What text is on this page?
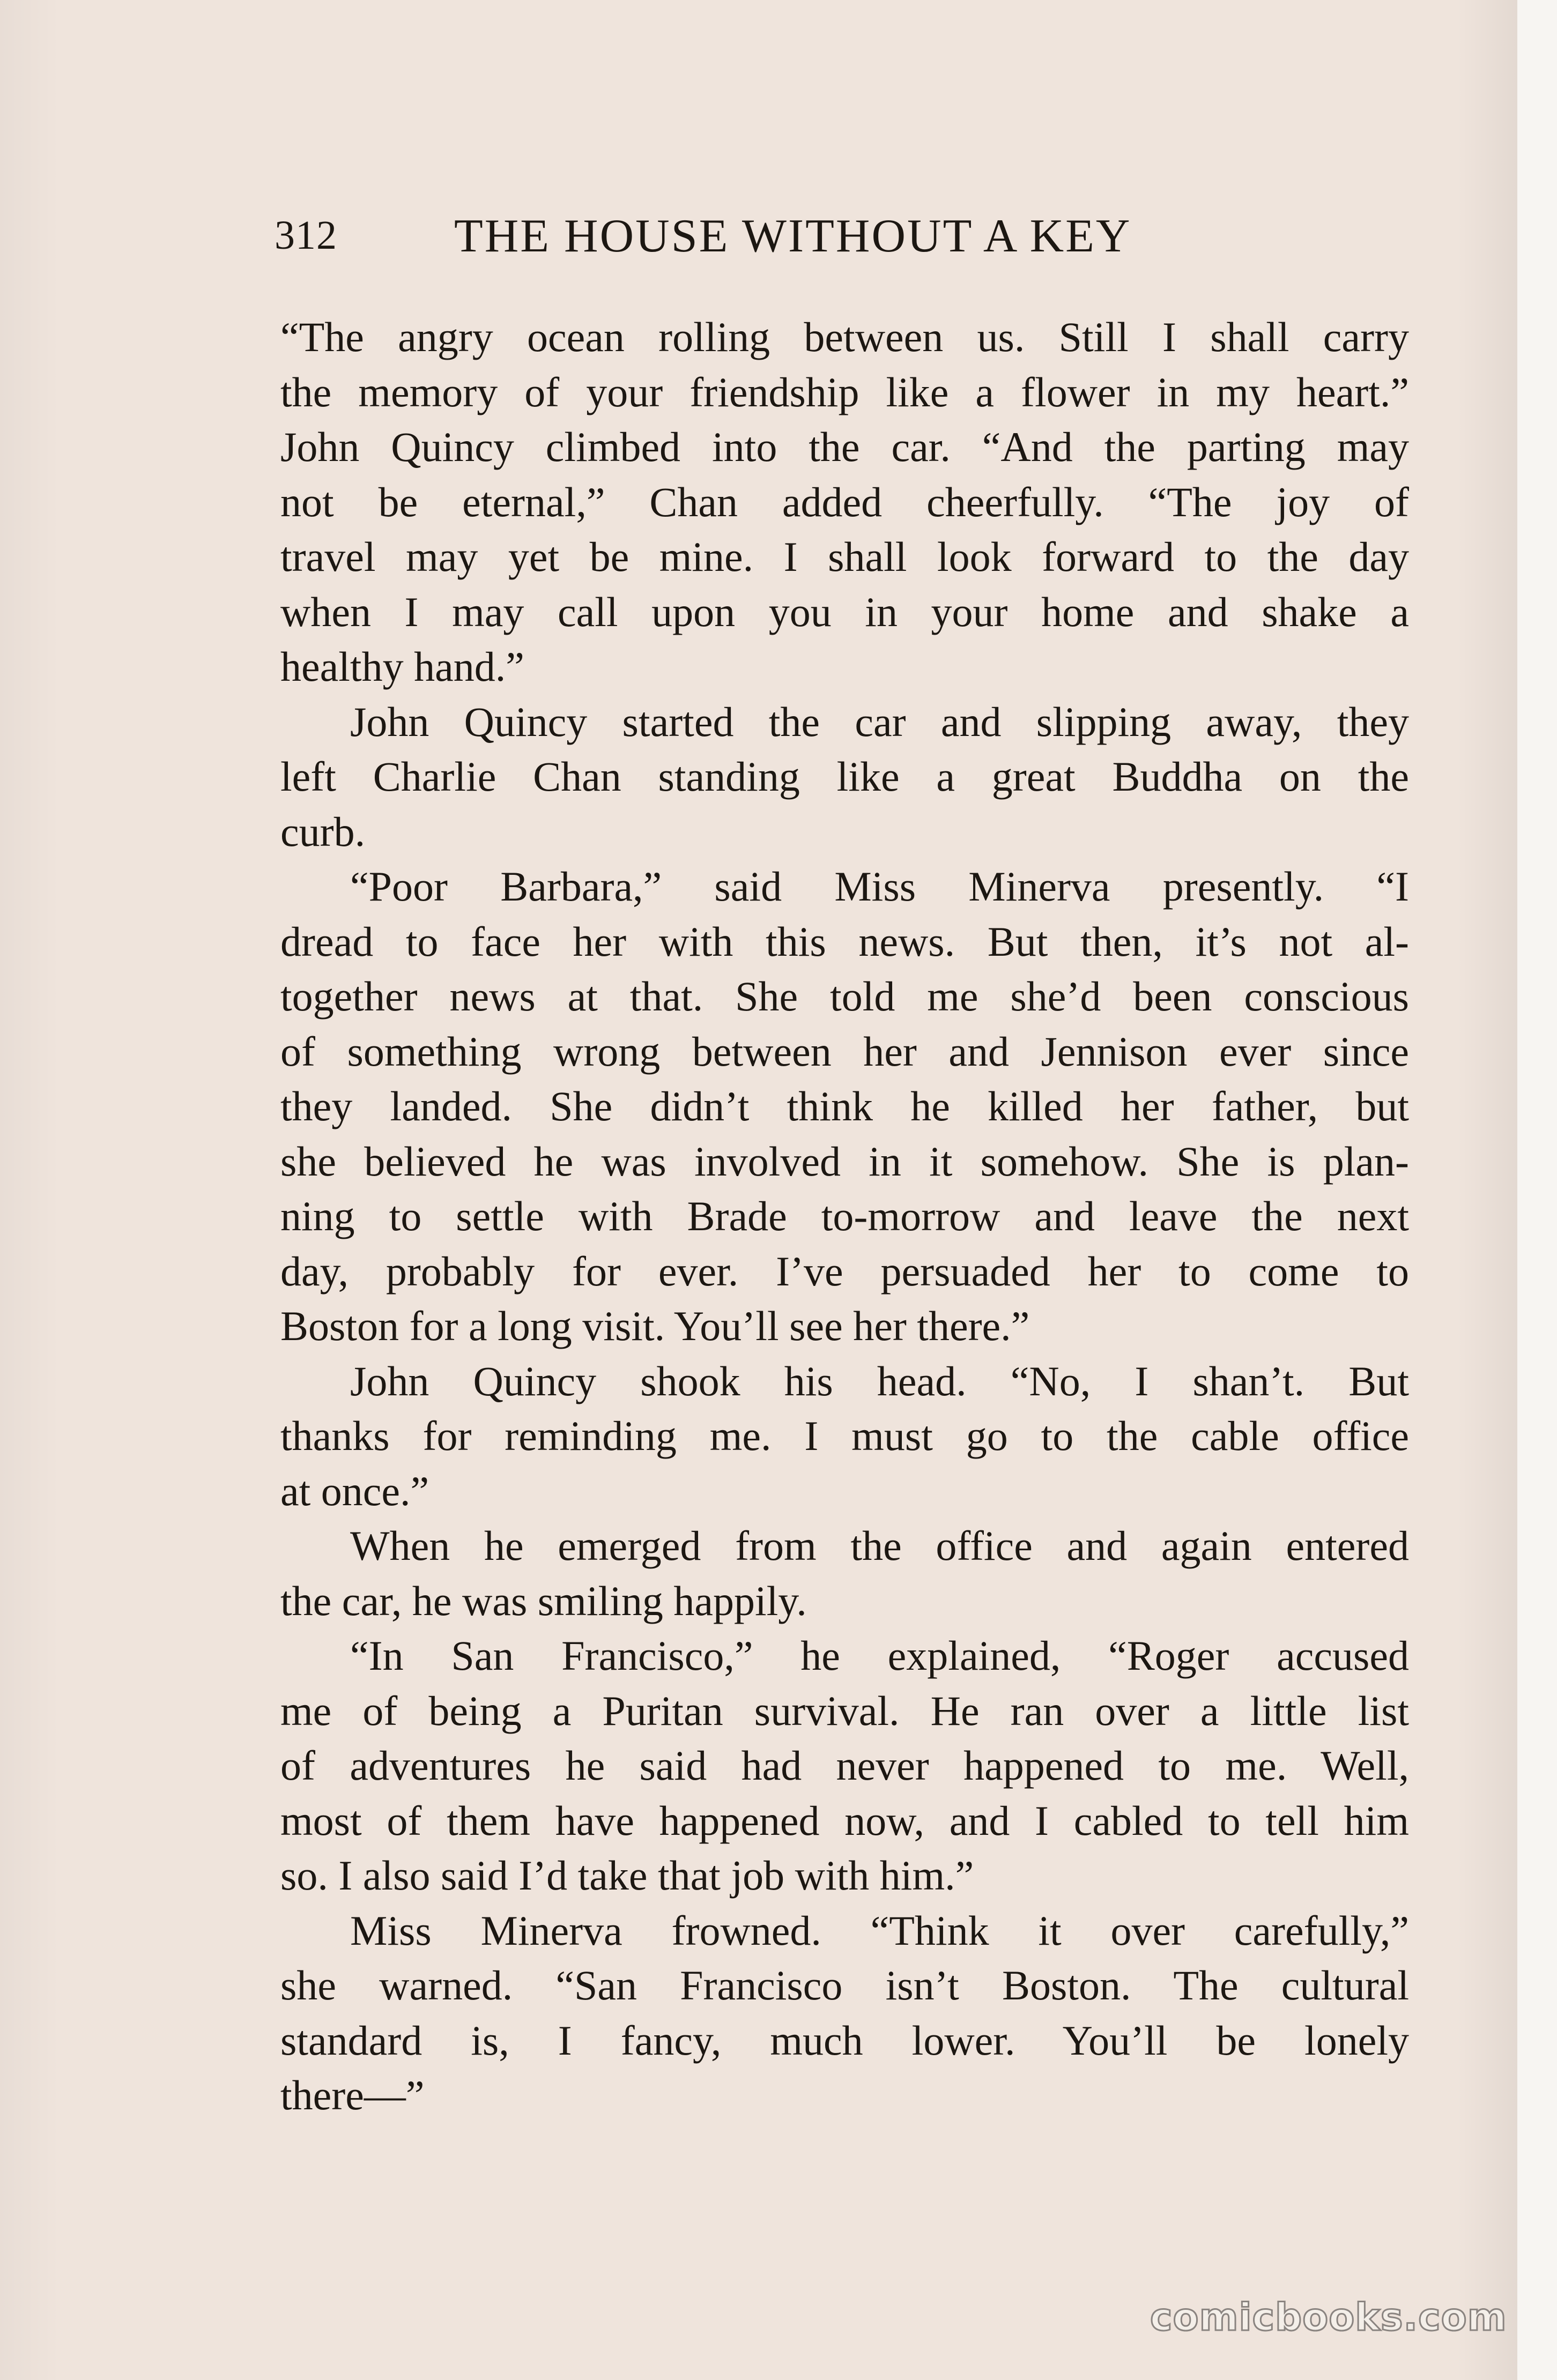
312 THE HOUSE WITHOUT A KEY
“The angry ocean rolling between us. Still I shall carry
the memory of your friendship like a flower in my heart.”
John Quincy climbed into the car. “And the parting may
not be eternal,” Chan added cheerfully. “The joy of
travel may yet be mine. I shall look forward to the day
when I may call upon you in your home and shake a
healthy hand.”
John Quincy started the car and slipping away, they
left Charlie Chan standing like a great Buddha on the
curb.
“Poor Barbara,” said Miss Minerva presently. “I
dread to face her with this news. But then, it’s not al-
together news at that. She told me she’d been conscious
of something wrong between her and Jennison ever since
they landed. She didn’t think he killed her father, but
she believed he was involved in it somehow. She is plan-
ning to settle with Brade to-morrow and leave the next
day, probably for ever. I’ve persuaded her to come to
Boston for a long visit. You’ll see her there.”
John Quincy shook his head. “No, I shan’t. But
thanks for reminding me. I must go to the cable office
at once.”
When he emerged from the office and again entered
the car, he was smiling happily.
“In San Francisco,” he explained, “Roger accused
me of being a Puritan survival. He ran over a little list
of adventures he said had never happened to me. Well,
most of them have happened now, and I cabled to tell him
so. I also said I’d take that job with him.”
Miss Minerva frowned. “Think it over carefully,”
she warned. “San Francisco isn’t Boston. The cultural
standard is, I fancy, much lower. You’ll be lonely
there—”
comicbooks.com
